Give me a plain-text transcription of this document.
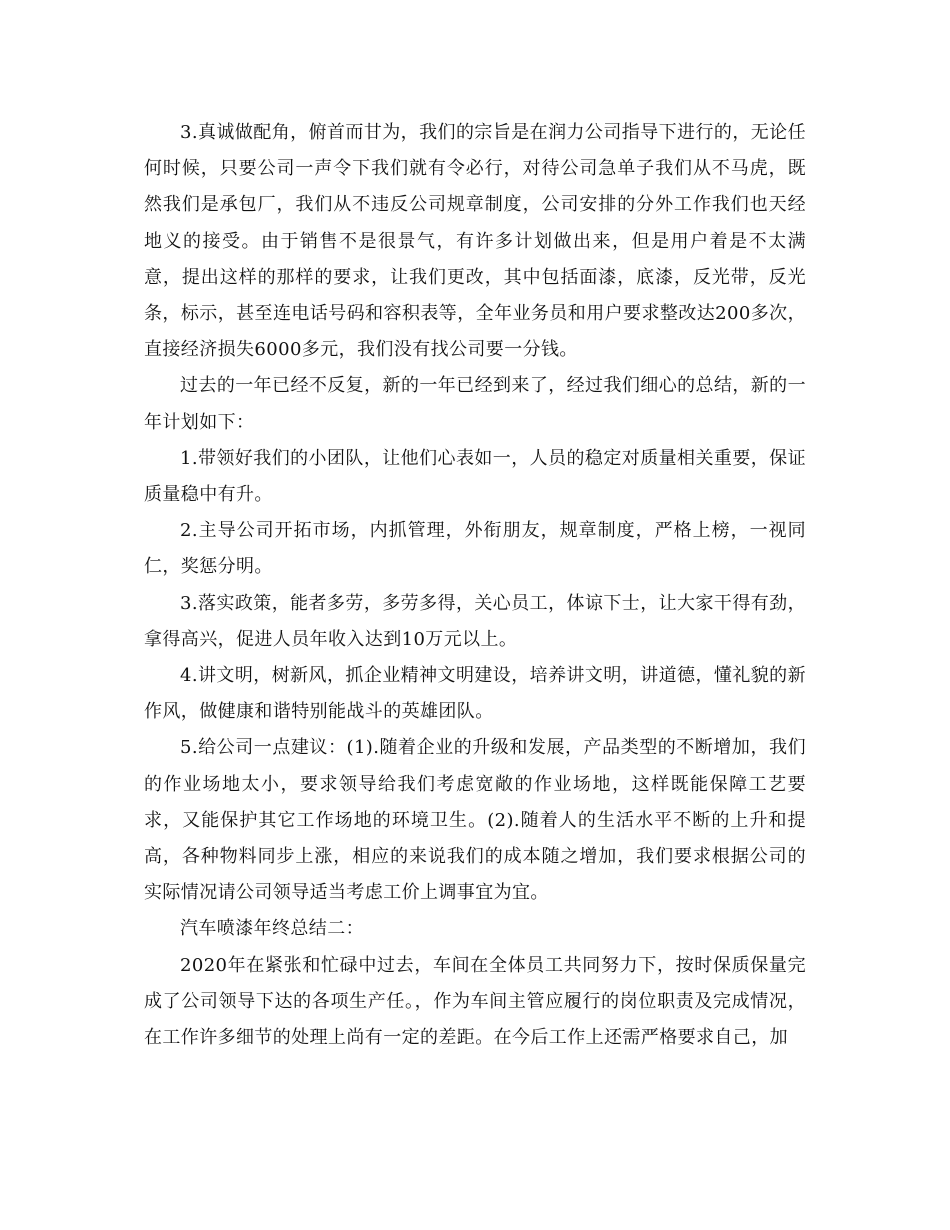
3.真诚做配角，俯首而甘为，我们的宗旨是在润力公司指导下进行的，无论任何时候，只要公司一声令下我们就有令必行，对待公司急单子我们从不马虎，既然我们是承包厂，我们从不违反公司规章制度，公司安排的分外工作我们也天经地义的接受。由于销售不是很景气，有许多计划做出来，但是用户着是不太满意，提出这样的那样的要求，让我们更改，其中包括面漆，底漆，反光带，反光条，标示，甚至连电话号码和容积表等，全年业务员和用户要求整改达200多次，直接经济损失6000多元，我们没有找公司要一分钱。

过去的一年已经不反复，新的一年已经到来了，经过我们细心的总结，新的一年计划如下：

1.带领好我们的小团队，让他们心表如一，人员的稳定对质量相关重要，保证质量稳中有升。

2.主导公司开拓市场，内抓管理，外衔朋友，规章制度，严格上榜，一视同仁，奖惩分明。

3.落实政策，能者多劳，多劳多得，关心员工，体谅下士，让大家干得有劲，拿得高兴，促进人员年收入达到10万元以上。

4.讲文明，树新风，抓企业精神文明建设，培养讲文明，讲道德，懂礼貌的新作风，做健康和谐特别能战斗的英雄团队。

5.给公司一点建议：(1).随着企业的升级和发展，产品类型的不断增加，我们的作业场地太小，要求领导给我们考虑宽敞的作业场地，这样既能保障工艺要求，又能保护其它工作场地的环境卫生。(2).随着人的生活水平不断的上升和提高，各种物料同步上涨，相应的来说我们的成本随之增加，我们要求根据公司的实际情况请公司领导适当考虑工价上调事宜为宜。

汽车喷漆年终总结二：

2020年在紧张和忙碌中过去，车间在全体员工共同努力下，按时保质保量完成了公司领导下达的各项生产任。，作为车间主管应履行的岗位职责及完成情况，在工作许多细节的处理上尚有一定的差距。在今后工作上还需严格要求自己，加
